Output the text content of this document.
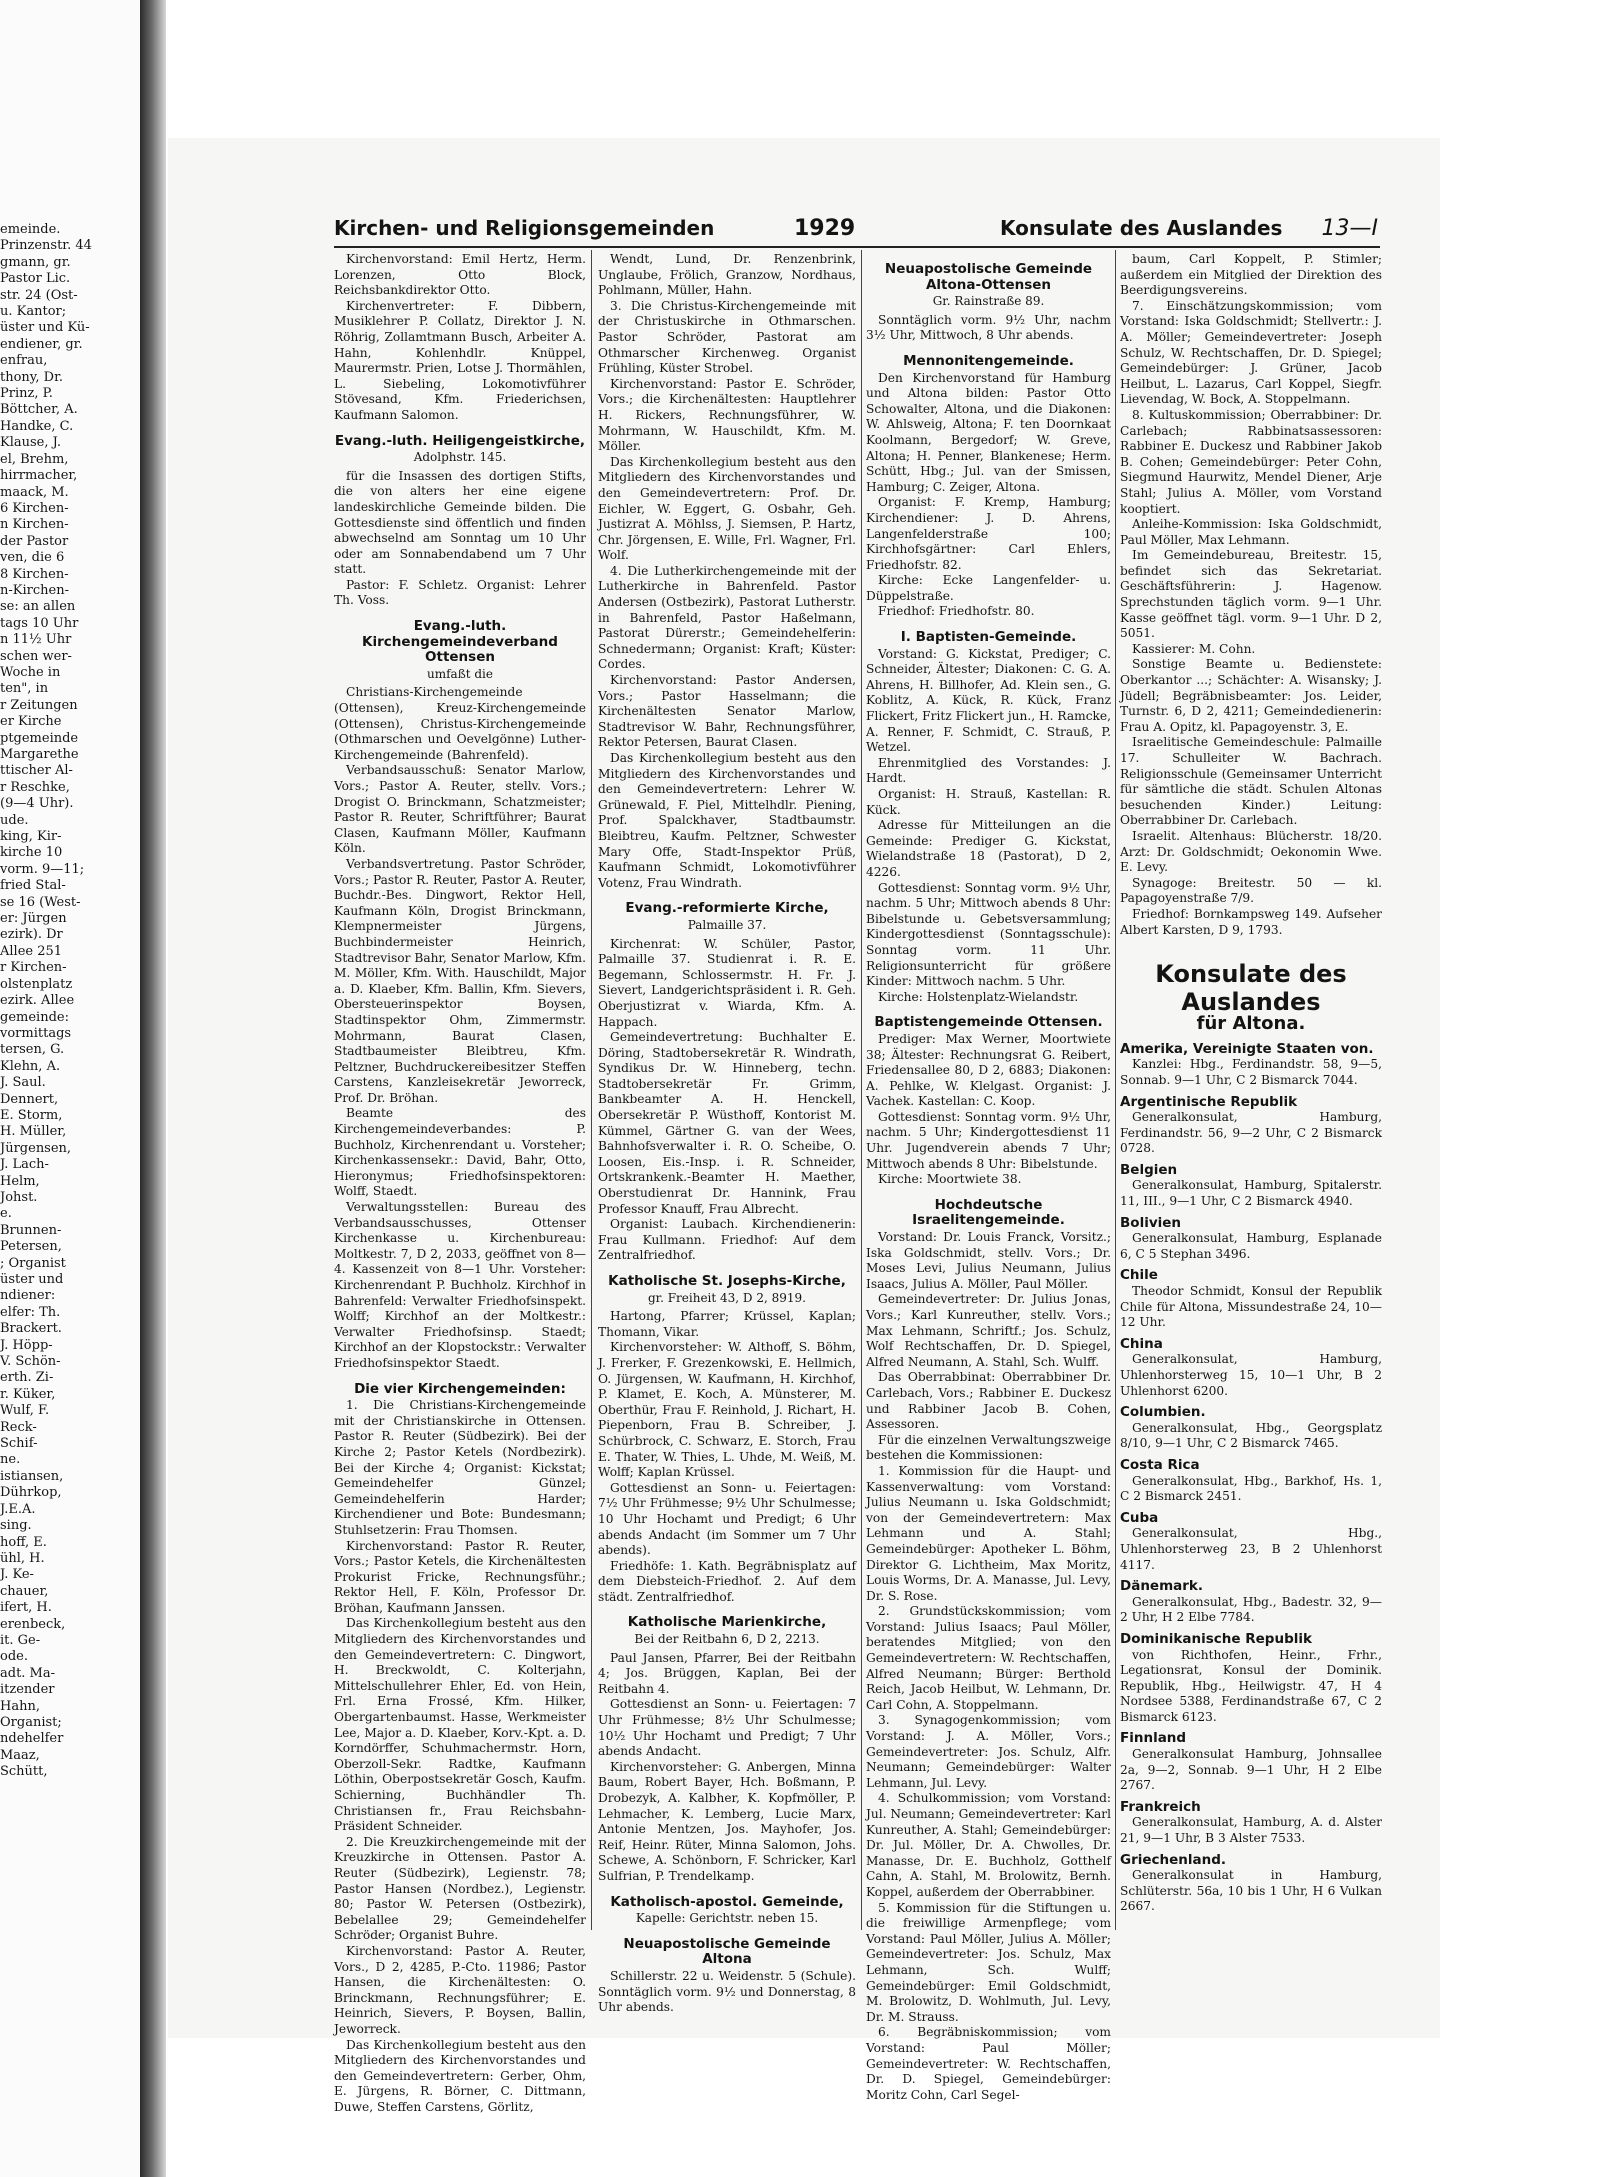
emeinde.
Prinzenstr. 44
gmann, gr.
Pastor Lic.
str. 24 (Ost-
u. Kantor;
üster und Kü-
endiener, gr.
enfrau,
thony, Dr.
Prinz, P.
Böttcher, A.
Handke, C.
Klause, J.
el, Brehm,
hirrmacher,
maack, M.
6 Kirchen-
n Kirchen-
der Pastor
ven, die 6
8 Kirchen-
n-Kirchen-
se: an allen
tags 10 Uhr
n 11½ Uhr
schen wer-
Woche in
ten", in
r Zeitungen
er Kirche
ptgemeinde
Margarethe
ttischer Al-
r Reschke,
(9—4 Uhr).
ude.
king, Kir-
kirche 10
vorm. 9—11;
fried Stal-
se 16 (West-
er: Jürgen
ezirk). Dr
Allee 251
r Kirchen-
olstenplatz
ezirk. Allee
gemeinde:
vormittags
tersen, G.
Klehn, A.
J. Saul.
Dennert,
E. Storm,
H. Müller,
Jürgensen,
J. Lach-
Helm,
Johst.
e.
Brunnen-
Petersen,
; Organist
üster und
ndiener:
elfer: Th.
Brackert.
J. Höpp-
V. Schön-
erth. Zi-
r. Küker,
Wulf, F.
Reck-
Schif-
ne.
istiansen,
Dührkop,
J.E.A.
sing.
hoff, E.
ühl, H.
J. Ke-
chauer,
ifert, H.
erenbeck,
it. Ge-
ode.
adt. Ma-
itzender
Hahn,
Organist;
ndehelfer
Maaz,
Schütt,
Kirchen- und Religionsgemeinden	1929	Konsulate des Auslandes 13—I

Kirchenvorstand: Emil Hertz, Herm. Lorenzen, Otto Block, Reichsbankdirektor Otto.

Kirchenvertreter: F. Dibbern, Musiklehrer P. Collatz, Direktor J. N. Röhrig, Zollamtmann Busch, Arbeiter A. Hahn, Kohlenhdlr. Knüppel, Maurermstr. Prien, Lotse J. Thormählen, L. Siebeling, Lokomotivführer Stövesand, Kfm. Friederichsen, Kaufmann Salomon.

Evang.-luth. Heiligengeistkirche,

Adolphstr. 145.

für die Insassen des dortigen Stifts, die von alters her eine eigene landeskirchliche Gemeinde bilden. Die Gottesdienste sind öffentlich und finden abwechselnd am Sonntag um 10 Uhr oder am Sonnabendabend um 7 Uhr statt.

Pastor: F. Schletz. Organist: Lehrer Th. Voss.

Evang.-luth. Kirchengemeindeverband Ottensen

umfaßt die

Christians-Kirchengemeinde (Ottensen), Kreuz-Kirchengemeinde (Ottensen), Christus-Kirchengemeinde (Othmarschen und Oevelgönne) Luther-Kirchengemeinde (Bahrenfeld).

Verbandsausschuß: Senator Marlow, Vors.; Pastor A. Reuter, stellv. Vors.; Drogist O. Brinckmann, Schatzmeister; Pastor R. Reuter, Schriftführer; Baurat Clasen, Kaufmann Möller, Kaufmann Köln.

Verbandsvertretung. Pastor Schröder, Vors.; Pastor R. Reuter, Pastor A. Reuter, Buchdr.-Bes. Dingwort, Rektor Hell, Kaufmann Köln, Drogist Brinckmann, Klempnermeister Jürgens, Buchbindermeister Heinrich, Stadtrevisor Bahr, Senator Marlow, Kfm. M. Möller, Kfm. With. Hauschildt, Major a. D. Klaeber, Kfm. Ballin, Kfm. Sievers, Obersteuerinspektor Boysen, Stadtinspektor Ohm, Zimmermstr. Mohrmann, Baurat Clasen, Stadtbaumeister Bleibtreu, Kfm. Peltzner, Buchdruckereibesitzer Steffen Carstens, Kanzleisekretär Jeworreck, Prof. Dr. Bröhan.

Beamte des Kirchengemeindeverbandes: P. Buchholz, Kirchenrendant u. Vorsteher; Kirchenkassensekr.: David, Bahr, Otto, Hieronymus; Friedhofsinspektoren: Wolff, Staedt.

Verwaltungsstellen: Bureau des Verbandsausschusses, Ottenser Kirchenkasse u. Kirchenbureau: Moltkestr. 7, D 2, 2033, geöffnet von 8—4. Kassenzeit von 8—1 Uhr. Vorsteher: Kirchenrendant P. Buchholz. Kirchhof in Bahrenfeld: Verwalter Friedhofsinspekt. Wolff; Kirchhof an der Moltkestr.: Verwalter Friedhofsinsp. Staedt; Kirchhof an der Klopstockstr.: Verwalter Friedhofsinspektor Staedt.

Die vier Kirchengemeinden:

1. Die Christians-Kirchengemeinde mit der Christianskirche in Ottensen. Pastor R. Reuter (Südbezirk). Bei der Kirche 2; Pastor Ketels (Nordbezirk). Bei der Kirche 4; Organist: Kickstat; Gemeindehelfer Günzel; Gemeindehelferin Harder; Kirchendiener und Bote: Bundesmann; Stuhlsetzerin: Frau Thomsen.

Kirchenvorstand: Pastor R. Reuter, Vors.; Pastor Ketels, die Kirchenältesten Prokurist Fricke, Rechnungsführ.; Rektor Hell, F. Köln, Professor Dr. Bröhan, Kaufmann Janssen.

Das Kirchenkollegium besteht aus den Mitgliedern des Kirchenvorstandes und den Gemeindevertretern: C. Dingwort, H. Breckwoldt, C. Kolterjahn, Mittelschullehrer Ehler, Ed. von Hein, Frl. Erna Frossé, Kfm. Hilker, Obergartenbaumst. Hasse, Werkmeister Lee, Major a. D. Klaeber, Korv.-Kpt. a. D. Korndörffer, Schuhmachermstr. Horn, Oberzoll-Sekr. Radtke, Kaufmann Löthin, Oberpostsekretär Gosch, Kaufm. Schierning, Buchhändler Th. Christiansen fr., Frau Reichsbahn-Präsident Schneider.

2. Die Kreuzkirchengemeinde mit der Kreuzkirche in Ottensen. Pastor A. Reuter (Südbezirk), Legienstr. 78; Pastor Hansen (Nordbez.), Legienstr. 80; Pastor W. Petersen (Ostbezirk), Bebelallee 29; Gemeindehelfer Schröder; Organist Buhre.

Kirchenvorstand: Pastor A. Reuter, Vors., D 2, 4285, P.-Cto. 11986; Pastor Hansen, die Kirchenältesten: O. Brinckmann, Rechnungsführer; E. Heinrich, Sievers, P. Boysen, Ballin, Jeworreck.

Das Kirchenkollegium besteht aus den Mitgliedern des Kirchenvorstandes und den Gemeindevertretern: Gerber, Ohm, E. Jürgens, R. Börner, C. Dittmann, Duwe, Steffen Carstens, Görlitz,

Wendt, Lund, Dr. Renzenbrink, Unglaube, Frölich, Granzow, Nordhaus, Pohlmann, Müller, Hahn.

3. Die Christus-Kirchengemeinde mit der Christuskirche in Othmarschen. Pastor Schröder, Pastorat am Othmarscher Kirchenweg. Organist Frühling, Küster Strobel.

Kirchenvorstand: Pastor E. Schröder, Vors.; die Kirchenältesten: Hauptlehrer H. Rickers, Rechnungsführer, W. Mohrmann, W. Hauschildt, Kfm. M. Möller.

Das Kirchenkollegium besteht aus den Mitgliedern des Kirchenvorstandes und den Gemeindevertretern: Prof. Dr. Eichler, W. Eggert, G. Osbahr, Geh. Justizrat A. Möhlss, J. Siemsen, P. Hartz, Chr. Jörgensen, E. Wille, Frl. Wagner, Frl. Wolf.

4. Die Lutherkirchengemeinde mit der Lutherkirche in Bahrenfeld. Pastor Andersen (Ostbezirk), Pastorat Lutherstr. in Bahrenfeld, Pastor Haßelmann, Pastorat Dürerstr.; Gemeindehelferin: Schnedermann; Organist: Kraft; Küster: Cordes.

Kirchenvorstand: Pastor Andersen, Vors.; Pastor Hasselmann; die Kirchenältesten Senator Marlow, Stadtrevisor W. Bahr, Rechnungsführer, Rektor Petersen, Baurat Clasen.

Das Kirchenkollegium besteht aus den Mitgliedern des Kirchenvorstandes und den Gemeindevertretern: Lehrer W. Grünewald, F. Piel, Mittelhdlr. Piening, Prof. Spalckhaver, Stadtbaumstr. Bleibtreu, Kaufm. Peltzner, Schwester Mary Offe, Stadt-Inspektor Prüß, Kaufmann Schmidt, Lokomotivführer Votenz, Frau Windrath.

Evang.-reformierte Kirche,

Palmaille 37.

Kirchenrat: W. Schüler, Pastor, Palmaille 37. Studienrat i. R. E. Begemann, Schlossermstr. H. Fr. J. Sievert, Landgerichtspräsident i. R. Geh. Oberjustizrat v. Wiarda, Kfm. A. Happach.

Gemeindevertretung: Buchhalter E. Döring, Stadtobersekretär R. Windrath, Syndikus Dr. W. Hinneberg, techn. Stadtobersekretär Fr. Grimm, Bankbeamter A. H. Henckell, Obersekretär P. Wüsthoff, Kontorist M. Kümmel, Gärtner G. van der Wees, Bahnhofsverwalter i. R. O. Scheibe, O. Loosen, Eis.-Insp. i. R. Schneider, Ortskrankenk.-Beamter H. Maether, Oberstudienrat Dr. Hannink, Frau Professor Knauff, Frau Albrecht.

Organist: Laubach. Kirchendienerin: Frau Kullmann. Friedhof: Auf dem Zentralfriedhof.

Katholische St. Josephs-Kirche,

gr. Freiheit 43, D 2, 8919.

Hartong, Pfarrer; Krüssel, Kaplan; Thomann, Vikar.

Kirchenvorsteher: W. Althoff, S. Böhm, J. Frerker, F. Grezenkowski, E. Hellmich, O. Jürgensen, W. Kaufmann, H. Kirchhof, P. Klamet, E. Koch, A. Münsterer, M. Oberthür, Frau F. Reinhold, J. Richart, H. Piepenborn, Frau B. Schreiber, J. Schürbrock, C. Schwarz, E. Storch, Frau E. Thater, W. Thies, L. Uhde, M. Weiß, M. Wolff; Kaplan Krüssel.

Gottesdienst an Sonn- u. Feiertagen: 7½ Uhr Frühmesse; 9½ Uhr Schulmesse; 10 Uhr Hochamt und Predigt; 6 Uhr abends Andacht (im Sommer um 7 Uhr abends).

Friedhöfe: 1. Kath. Begräbnisplatz auf dem Diebsteich-Friedhof. 2. Auf dem städt. Zentralfriedhof.

Katholische Marienkirche,

Bei der Reitbahn 6, D 2, 2213.

Paul Jansen, Pfarrer, Bei der Reitbahn 4; Jos. Brüggen, Kaplan, Bei der Reitbahn 4.

Gottesdienst an Sonn- u. Feiertagen: 7 Uhr Frühmesse; 8½ Uhr Schulmesse; 10½ Uhr Hochamt und Predigt; 7 Uhr abends Andacht.

Kirchenvorsteher: G. Anbergen, Minna Baum, Robert Bayer, Hch. Boßmann, P. Drobezyk, A. Kalbher, K. Kopfmöller, P. Lehmacher, K. Lemberg, Lucie Marx, Antonie Mentzen, Jos. Mayhofer, Jos. Reif, Heinr. Rüter, Minna Salomon, Johs. Schewe, A. Schönborn, F. Schricker, Karl Sulfrian, P. Trendelkamp.

Katholisch-apostol. Gemeinde,

Kapelle: Gerichtstr. neben 15.

Neuapostolische Gemeinde Altona

Schillerstr. 22 u. Weidenstr. 5 (Schule). Sonntäglich vorm. 9½ und Donnerstag, 8 Uhr abends.

Neuapostolische Gemeinde Altona-Ottensen

Gr. Rainstraße 89.

Sonntäglich vorm. 9½ Uhr, nachm 3½ Uhr, Mittwoch, 8 Uhr abends.

Mennonitengemeinde.

Den Kirchenvorstand für Hamburg und Altona bilden: Pastor Otto Schowalter, Altona, und die Diakonen: W. Ahlsweig, Altona; F. ten Doornkaat Koolmann, Bergedorf; W. Greve, Altona; H. Penner, Blankenese; Herm. Schütt, Hbg.; Jul. van der Smissen, Hamburg; C. Zeiger, Altona.

Organist: F. Kremp, Hamburg; Kirchendiener: J. D. Ahrens, Langenfelderstraße 100; Kirchhofsgärtner: Carl Ehlers, Friedhofstr. 82.

Kirche: Ecke Langenfelder- u. Düppelstraße.

Friedhof: Friedhofstr. 80.

I. Baptisten-Gemeinde.

Vorstand: G. Kickstat, Prediger; C. Schneider, Ältester; Diakonen: C. G. A. Ahrens, H. Billhofer, Ad. Klein sen., G. Koblitz, A. Kück, R. Kück, Franz Flickert, Fritz Flickert jun., H. Ramcke, A. Renner, F. Schmidt, C. Strauß, P. Wetzel.

Ehrenmitglied des Vorstandes: J. Hardt.

Organist: H. Strauß, Kastellan: R. Kück.

Adresse für Mitteilungen an die Gemeinde: Prediger G. Kickstat, Wielandstraße 18 (Pastorat), D 2, 4226.

Gottesdienst: Sonntag vorm. 9½ Uhr, nachm. 5 Uhr; Mittwoch abends 8 Uhr: Bibelstunde u. Gebetsversammlung; Kindergottesdienst (Sonntagsschule): Sonntag vorm. 11 Uhr. Religionsunterricht für größere Kinder: Mittwoch nachm. 5 Uhr.

Kirche: Holstenplatz-Wielandstr.

Baptistengemeinde Ottensen.

Prediger: Max Werner, Moortwiete 38; Ältester: Rechnungsrat G. Reibert, Friedensallee 80, D 2, 6883; Diakonen: A. Pehlke, W. Klelgast. Organist: J. Vachek. Kastellan: C. Koop.

Gottesdienst: Sonntag vorm. 9½ Uhr, nachm. 5 Uhr; Kindergottesdienst 11 Uhr. Jugendverein abends 7 Uhr; Mittwoch abends 8 Uhr: Bibelstunde.

Kirche: Moortwiete 38.

Hochdeutsche Israelitengemeinde.

Vorstand: Dr. Louis Franck, Vorsitz.; Iska Goldschmidt, stellv. Vors.; Dr. Moses Levi, Julius Neumann, Julius Isaacs, Julius A. Möller, Paul Möller.

Gemeindevertreter: Dr. Julius Jonas, Vors.; Karl Kunreuther, stellv. Vors.; Max Lehmann, Schriftf.; Jos. Schulz, Wolf Rechtschaffen, Dr. D. Spiegel, Alfred Neumann, A. Stahl, Sch. Wulff.

Das Oberrabbinat: Oberrabbiner Dr. Carlebach, Vors.; Rabbiner E. Duckesz und Rabbiner Jacob B. Cohen, Assessoren.

Für die einzelnen Verwaltungszweige bestehen die Kommissionen:

1. Kommission für die Haupt- und Kassenverwaltung: vom Vorstand: Julius Neumann u. Iska Goldschmidt; von der Gemeindevertretern: Max Lehmann und A. Stahl; Gemeindebürger: Apotheker L. Böhm, Direktor G. Lichtheim, Max Moritz, Louis Worms, Dr. A. Manasse, Jul. Levy, Dr. S. Rose.

2. Grundstückskommission; vom Vorstand: Julius Isaacs; Paul Möller, beratendes Mitglied; von den Gemeindevertretern: W. Rechtschaffen, Alfred Neumann; Bürger: Berthold Reich, Jacob Heilbut, W. Lehmann, Dr. Carl Cohn, A. Stoppelmann.

3. Synagogenkommission; vom Vorstand: J. A. Möller, Vors.; Gemeindevertreter: Jos. Schulz, Alfr. Neumann; Gemeindebürger: Walter Lehmann, Jul. Levy.

4. Schulkommission; vom Vorstand: Jul. Neumann; Gemeindevertreter: Karl Kunreuther, A. Stahl; Gemeindebürger: Dr. Jul. Möller, Dr. A. Chwolles, Dr. Manasse, Dr. E. Buchholz, Gotthelf Cahn, A. Stahl, M. Brolowitz, Bernh. Koppel, außerdem der Oberrabbiner.

5. Kommission für die Stiftungen u. die freiwillige Armenpflege; vom Vorstand: Paul Möller, Julius A. Möller; Gemeindevertreter: Jos. Schulz, Max Lehmann, Sch. Wulff; Gemeindebürger: Emil Goldschmidt, M. Brolowitz, D. Wohlmuth, Jul. Levy, Dr. M. Strauss.

6. Begräbniskommission; vom Vorstand: Paul Möller; Gemeindevertreter: W. Rechtschaffen, Dr. D. Spiegel, Gemeindebürger: Moritz Cohn, Carl Segel-

baum, Carl Koppelt, P. Stimler; außerdem ein Mitglied der Direktion des Beerdigungsvereins.

7. Einschätzungskommission; vom Vorstand: Iska Goldschmidt; Stellvertr.: J. A. Möller; Gemeindevertreter: Joseph Schulz, W. Rechtschaffen, Dr. D. Spiegel; Gemeindebürger: J. Grüner, Jacob Heilbut, L. Lazarus, Carl Koppel, Siegfr. Lievendag, W. Bock, A. Stoppelmann.

8. Kultuskommission; Oberrabbiner: Dr. Carlebach; Rabbinatsassessoren: Rabbiner E. Duckesz und Rabbiner Jakob B. Cohen; Gemeindebürger: Peter Cohn, Siegmund Haurwitz, Mendel Diener, Arje Stahl; Julius A. Möller, vom Vorstand kooptiert.

Anleihe-Kommission: Iska Goldschmidt, Paul Möller, Max Lehmann.

Im Gemeindebureau, Breitestr. 15, befindet sich das Sekretariat. Geschäftsführerin: J. Hagenow. Sprechstunden täglich vorm. 9—1 Uhr. Kasse geöffnet tägl. vorm. 9—1 Uhr. D 2, 5051.

Kassierer: M. Cohn.

Sonstige Beamte u. Bedienstete: Oberkantor ...; Schächter: A. Wisansky; J. Jüdell; Begräbnisbeamter: Jos. Leider, Turnstr. 6, D 2, 4211; Gemeindedienerin: Frau A. Opitz, kl. Papagoyenstr. 3, E.

Israelitische Gemeindeschule: Palmaille 17. Schulleiter W. Bachrach. Religionsschule (Gemeinsamer Unterricht für sämtliche die städt. Schulen Altonas besuchenden Kinder.) Leitung: Oberrabbiner Dr. Carlebach.

Israelit. Altenhaus: Blücherstr. 18/20. Arzt: Dr. Goldschmidt; Oekonomin Wwe. E. Levy.

Synagoge: Breitestr. 50 — kl. Papagoyenstraße 7/9.

Friedhof: Bornkampsweg 149. Aufseher Albert Karsten, D 9, 1793.

Konsulate des Auslandes
für Altona.
Amerika, Vereinigte Staaten von.

Kanzlei: Hbg., Ferdinandstr. 58, 9—5, Sonnab. 9—1 Uhr, C 2 Bismarck 7044.

Argentinische Republik

Generalkonsulat, Hamburg, Ferdinandstr. 56, 9—2 Uhr, C 2 Bismarck 0728.

Belgien

Generalkonsulat, Hamburg, Spitalerstr. 11, III., 9—1 Uhr, C 2 Bismarck 4940.

Bolivien

Generalkonsulat, Hamburg, Esplanade 6, C 5 Stephan 3496.

Chile

Theodor Schmidt, Konsul der Republik Chile für Altona, Missundestraße 24, 10—12 Uhr.

China

Generalkonsulat, Hamburg, Uhlenhorsterweg 15, 10—1 Uhr, B 2 Uhlenhorst 6200.

Columbien.

Generalkonsulat, Hbg., Georgsplatz 8/10, 9—1 Uhr, C 2 Bismarck 7465.

Costa Rica

Generalkonsulat, Hbg., Barkhof, Hs. 1, C 2 Bismarck 2451.

Cuba

Generalkonsulat, Hbg., Uhlenhorsterweg 23, B 2 Uhlenhorst 4117.

Dänemark.

Generalkonsulat, Hbg., Badestr. 32, 9—2 Uhr, H 2 Elbe 7784.

Dominikanische Republik

von Richthofen, Heinr., Frhr., Legationsrat, Konsul der Dominik. Republik, Hbg., Heilwigstr. 47, H 4 Nordsee 5388, Ferdinandstraße 67, C 2 Bismarck 6123.

Finnland

Generalkonsulat Hamburg, Johnsallee 2a, 9—2, Sonnab. 9—1 Uhr, H 2 Elbe 2767.

Frankreich

Generalkonsulat, Hamburg, A. d. Alster 21, 9—1 Uhr, B 3 Alster 7533.

Griechenland.

Generalkonsulat in Hamburg, Schlüterstr. 56a, 10 bis 1 Uhr, H 6 Vulkan 2667.
